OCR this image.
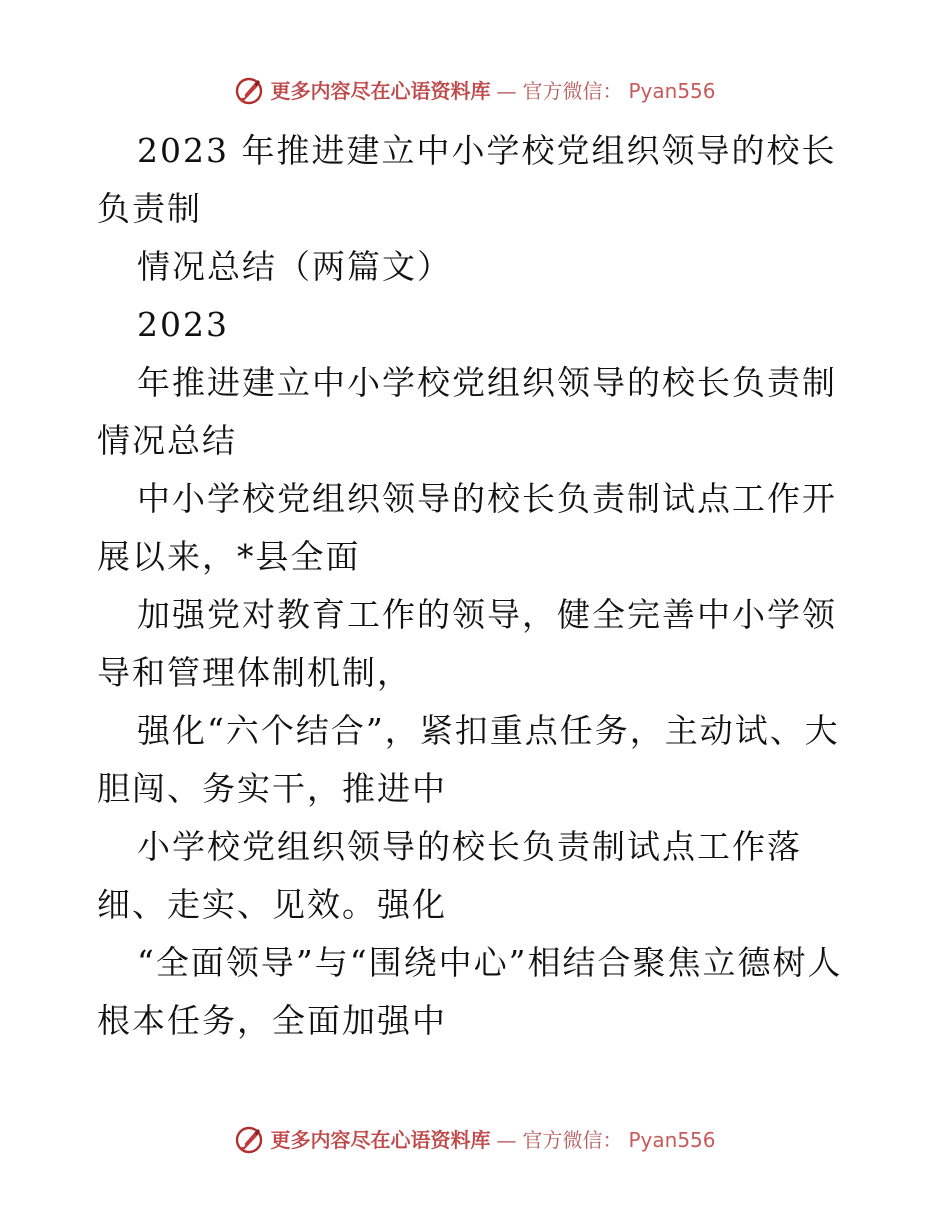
更多内容尽在心语资料库 — 官方微信： Pyan556

2023 年推进建立中小学校党组织领导的校长负责制

情况总结（两篇文）

2023

年推进建立中小学校党组织领导的校长负责制情况总结

中小学校党组织领导的校长负责制试点工作开展以来，*县全面

加强党对教育工作的领导，健全完善中小学领导和管理体制机制，

强化“六个结合”，紧扣重点任务，主动试、大胆闯、务实干，推进中

小学校党组织领导的校长负责制试点工作落细、走实、见效。强化

“全面领导”与“围绕中心”相结合聚焦立德树人根本任务，全面加强中

更多内容尽在心语资料库 — 官方微信： Pyan556
